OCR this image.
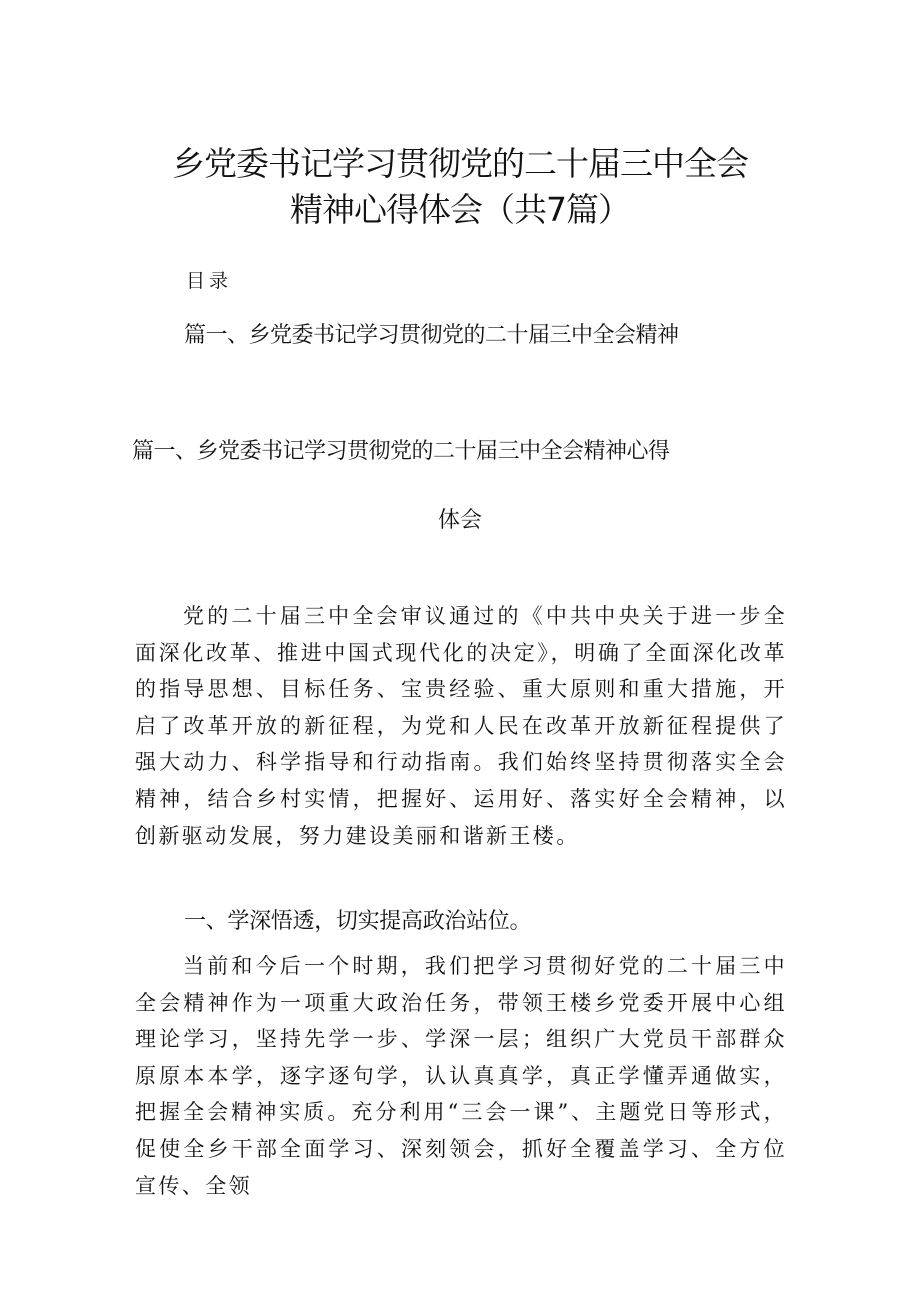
乡党委书记学习贯彻党的二十届三中全会
精神心得体会（共7篇）
目录
篇一、乡党委书记学习贯彻党的二十届三中全会精神
篇一、乡党委书记学习贯彻党的二十届三中全会精神心得
体会

党的二十届三中全会审议通过的《中共中央关于进一步全面深化改革、推进中国式现代化的决定》，明确了全面深化改革的指导思想、目标任务、宝贵经验、重大原则和重大措施，开启了改革开放的新征程，为党和人民在改革开放新征程提供了强大动力、科学指导和行动指南。我们始终坚持贯彻落实全会精神，结合乡村实情，把握好、运用好、落实好全会精神，以创新驱动发展，努力建设美丽和谐新王楼。

一、学深悟透，切实提高政治站位。

当前和今后一个时期，我们把学习贯彻好党的二十届三中全会精神作为一项重大政治任务，带领王楼乡党委开展中心组理论学习，坚持先学一步、学深一层；组织广大党员干部群众原原本本学，逐字逐句学，认认真真学，真正学懂弄通做实，把握全会精神实质。充分利用“三会一课”、主题党日等形式，促使全乡干部全面学习、深刻领会，抓好全覆盖学习、全方位宣传、全领
